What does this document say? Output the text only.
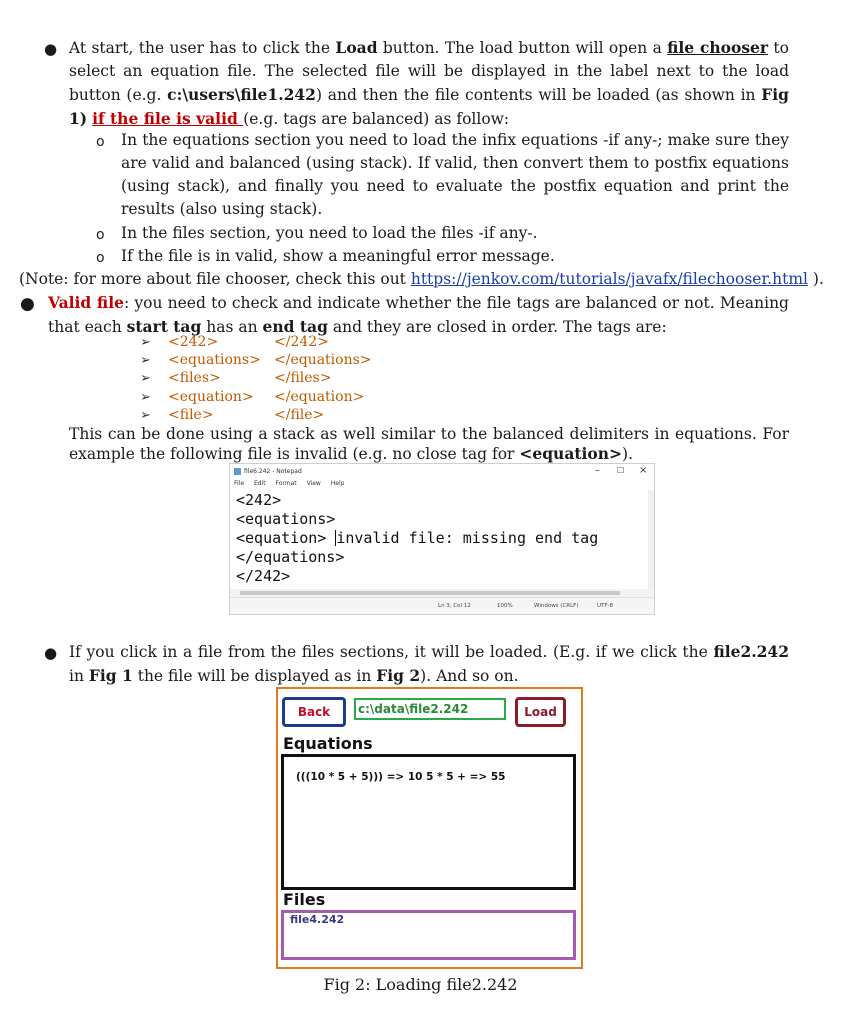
● At start, the user has to click the Load button. The load button will open a file chooser to select an equation file. The selected file will be displayed in the label next to the load button (e.g. c:\users\file1.242) and then the file contents will be loaded (as shown in Fig 1) if the file is valid (e.g. tags are balanced) as follow:
o In the equations section you need to load the infix equations -if any-; make sure they are valid and balanced (using stack). If valid, then convert them to postfix equations (using stack), and finally you need to evaluate the postfix equation and print the results (also using stack).
o In the files section, you need to load the files -if any-.
o If the file is in valid, show a meaningful error message.
(Note: for more about file chooser, check this out https://jenkov.com/tutorials/javafx/filechooser.html ).
● Valid file: you need to check and indicate whether the file tags are balanced or not. Meaning that each start tag has an end tag and they are closed in order. The tags are:
➢ <242>	</242>
➢ <equations> </equations>
➢ <files>	</files>
➢ <equation> </equation>
➢ <file>	</file>
This can be done using a stack as well similar to the balanced delimiters in equations. For example the following file is invalid (e.g. no close tag for <equation>).
file6.242 - Notepad	– ☐ ×
File Edit Format View Help
<242>
<equations>
<equation> invalid file: missing end tag
</equations>
</242>
Ln 3, Col 12	100%	Windows (CRLF)	UTF-8
● If you click in a file from the files sections, it will be loaded. (E.g. if we click the file2.242 in Fig 1 the file will be displayed as in Fig 2). And so on.
Back	c:\data\file2.242	Load
Equations
(((10 * 5 + 5))) => 10 5 * 5 + => 55
Files
file4.242
Fig 2: Loading file2.242
